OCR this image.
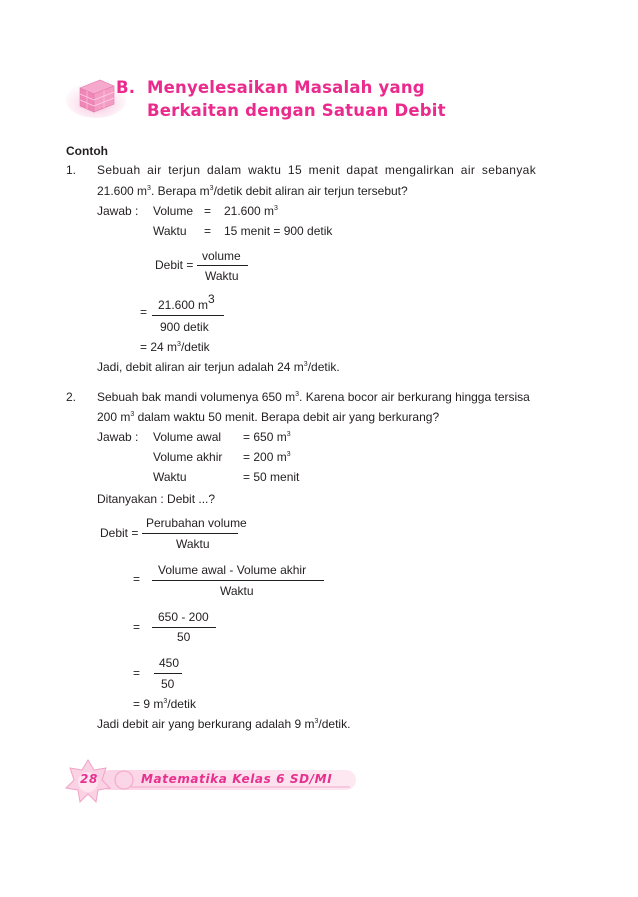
B. Menyelesaikan Masalah yang
Berkaitan dengan Satuan Debit
Contoh
1. Sebuah air terjun dalam waktu 15 menit dapat mengalirkan air sebanyak
21.600 $m^3$. Berapa $m^3$/detik debit aliran air terjun tersebut?
Jawab : Volume = 21.600 $m^3$
Waktu = 15 menit = 900 detik
Debit =
volume
Waktu
= 21.600 m3
900 detik
= 24 $m^3$/detik
Jadi, debit aliran air terjun adalah 24 $m^3$/detik.
2. Sebuah bak mandi volumenya 650 $m^3$. Karena bocor air berkurang hingga tersisa
200 $m^3$ dalam waktu 50 menit. Berapa debit air yang berkurang?
Jawab : Volume awal = 650 $m^3$
Volume akhir = 200 $m^3$
Waktu	= 50 menit
Ditanyakan : Debit ...?
Debit =
Perubahan volume
Waktu
=
Volume awal - Volume akhir
Waktu
=
650 - 200
50
=
450
50
= 9 $m^3$/detik
Jadi debit air yang berkurang adalah 9 $m^3$/detik.
28	Matematika Kelas 6 SD/MI
